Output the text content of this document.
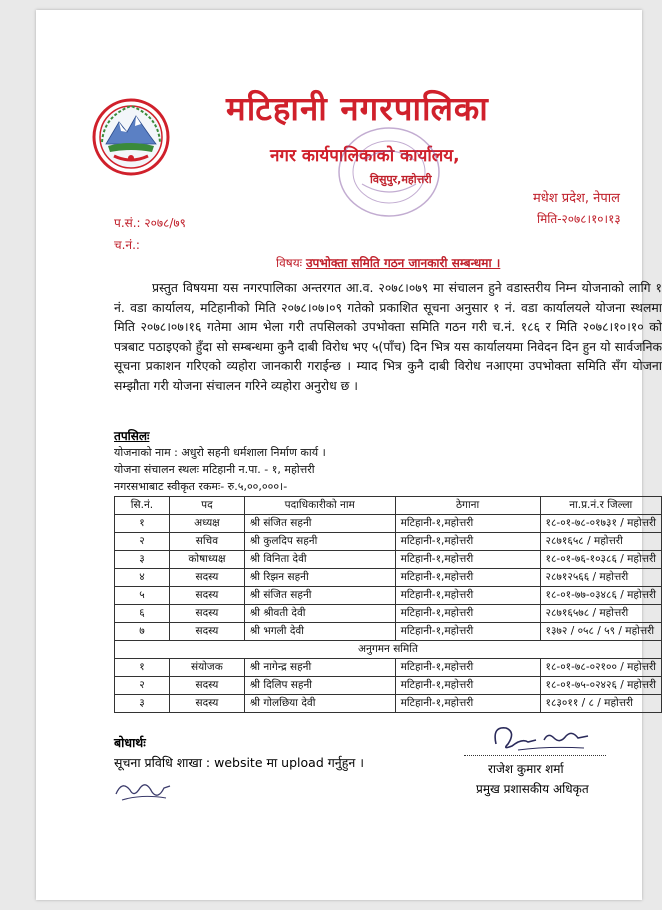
मटिहानी नगरपालिका
नगर कार्यपालिकाको कार्यालय,
विसुपुर,महोत्तरी
मधेश प्रदेश, नेपाल
मिति-२०७८।१०।१३
प.सं.: २०७८/७९
च.नं.:
विषयः उपभोक्ता समिति गठन जानकारी सम्बन्धमा ।
प्रस्तुत विषयमा यस नगरपालिका अन्तरगत आ.व. २०७८।०७९ मा संचालन हुने वडास्तरीय निम्न योजनाको लागि १ नं. वडा कार्यालय, मटिहानीको मिति २०७८।०७।०९ गतेको प्रकाशित सूचना अनुसार १ नं. वडा कार्यालयले योजना स्थलमा मिति २०७८।०७।१६ गतेमा आम भेला गरी तपसिलको उपभोक्ता समिति गठन गरी च.नं. १८६ र मिति २०७८।१०।१० को पत्रबाट पठाइएको हुँदा सो सम्बन्धमा कुनै दाबी विरोध भए ५(पाँच) दिन भित्र यस कार्यालयमा निवेदन दिन हुन यो सार्वजनिक सूचना प्रकाशन गरिएको व्यहोरा जानकारी गराईन्छ । म्याद भित्र कुनै दाबी विरोध नआएमा उपभोक्ता समिति सँग योजना सम्झौता गरी योजना संचालन गरिने व्यहोरा अनुरोध छ ।
तपसिलः
योजनाको नाम : अधुरो सहनी धर्मशाला निर्माण कार्य ।
योजना संचालन स्थलः मटिहानी न.पा. - १, महोत्तरी
नगरसभाबाट स्वीकृत रकमः- रु.५,००,०००।-
सि.नं.	पद	पदाधिकारीको नाम	ठेगाना	ना.प्र.नं.र जिल्ला
१	अध्यक्ष	श्री संजित सहनी	मटिहानी-१,महोत्तरी	१८-०१-७८-०१७३१ / महोत्तरी
२	सचिव	श्री कुलदिप सहनी	मटिहानी-१,महोत्तरी	२८७१६५८ / महोत्तरी
३	कोषाध्यक्ष	श्री विनिता देवी	मटिहानी-१,महोत्तरी	१८-०१-७६-१०३८६ / महोत्तरी
४	सदस्य	श्री रिझन सहनी	मटिहानी-१,महोत्तरी	२८७१२५६६ / महोत्तरी
५	सदस्य	श्री संजित सहनी	मटिहानी-१,महोत्तरी	१८-०१-७७-०३४८६ / महोत्तरी
६	सदस्य	श्री श्रीवती देवी	मटिहानी-१,महोत्तरी	२८७१६५७८ / महोत्तरी
७	सदस्य	श्री भगली देवी	मटिहानी-१,महोत्तरी	१३७२ / ०५८ / ५९ / महोत्तरी
अनुगमन समिति				
१	संयोजक	श्री नागेन्द्र सहनी	मटिहानी-१,महोत्तरी	१८-०१-७८-०२१०० / महोत्तरी
२	सदस्य	श्री दिलिप सहनी	मटिहानी-१,महोत्तरी	१८-०१-७५-०२४२६ / महोत्तरी
३	सदस्य	श्री गोलछिया देवी	मटिहानी-१,महोत्तरी	१८३०११ / ८ / महोत्तरी
बोधार्थः
सूचना प्रविधि शाखा : website मा upload गर्नुहुन ।	राजेश कुमार शर्मा
प्रमुख प्रशासकीय अधिकृत
